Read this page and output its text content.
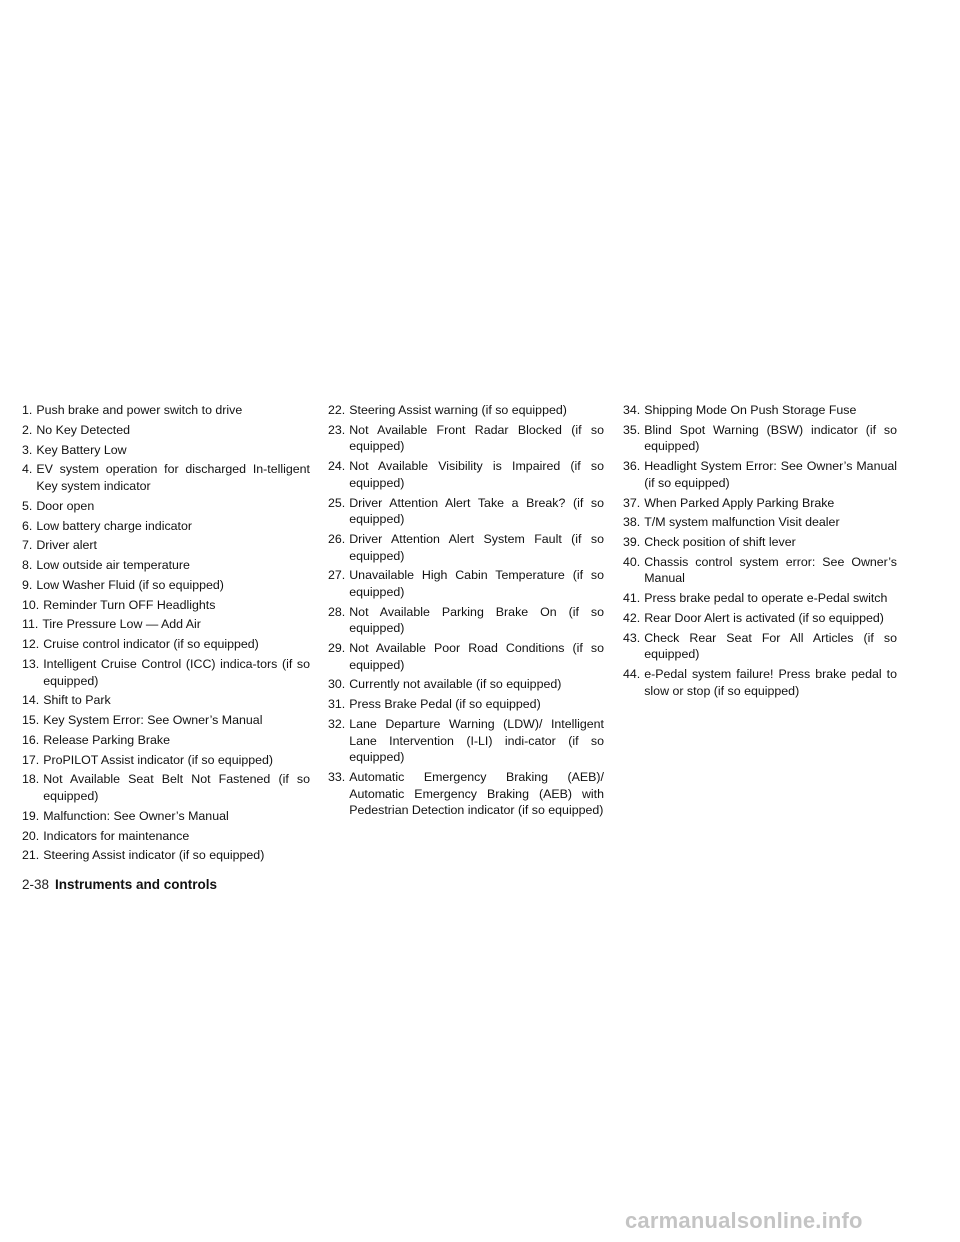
1. Push brake and power switch to drive
2. No Key Detected
3. Key Battery Low
4. EV system operation for discharged In-telligent Key system indicator
5. Door open
6. Low battery charge indicator
7. Driver alert
8. Low outside air temperature
9. Low Washer Fluid (if so equipped)
10. Reminder Turn OFF Headlights
11. Tire Pressure Low — Add Air
12. Cruise control indicator (if so equipped)
13. Intelligent Cruise Control (ICC) indica-tors (if so equipped)
14. Shift to Park
15. Key System Error: See Owner’s Manual
16. Release Parking Brake
17. ProPILOT Assist indicator (if so equipped)
18. Not Available Seat Belt Not Fastened (if so equipped)
19. Malfunction: See Owner’s Manual
20. Indicators for maintenance
21. Steering Assist indicator (if so equipped)
22. Steering Assist warning (if so equipped)
23. Not Available Front Radar Blocked (if so equipped)
24. Not Available Visibility is Impaired (if so equipped)
25. Driver Attention Alert Take a Break? (if so equipped)
26. Driver Attention Alert System Fault (if so equipped)
27. Unavailable High Cabin Temperature (if so equipped)
28. Not Available Parking Brake On (if so equipped)
29. Not Available Poor Road Conditions (if so equipped)
30. Currently not available (if so equipped)
31. Press Brake Pedal (if so equipped)
32. Lane Departure Warning (LDW)/ Intelligent Lane Intervention (I-LI) indi-cator (if so equipped)
33. Automatic Emergency Braking (AEB)/ Automatic Emergency Braking (AEB) with Pedestrian Detection indicator (if so equipped)
34. Shipping Mode On Push Storage Fuse
35. Blind Spot Warning (BSW) indicator (if so equipped)
36. Headlight System Error: See Owner’s Manual (if so equipped)
37. When Parked Apply Parking Brake
38. T/M system malfunction Visit dealer
39. Check position of shift lever
40. Chassis control system error: See Owner’s Manual
41. Press brake pedal to operate e-Pedal switch
42. Rear Door Alert is activated (if so equipped)
43. Check Rear Seat For All Articles (if so equipped)
44. e-Pedal system failure! Press brake pedal to slow or stop (if so equipped)
2-38 Instruments and controls
carmanualsonline.info
